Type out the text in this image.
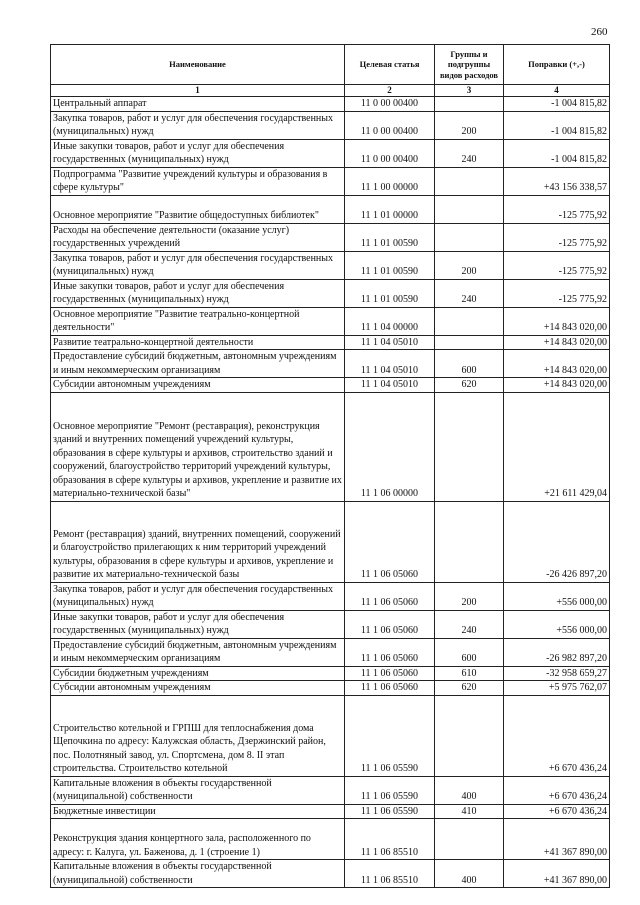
260
Наименование	Целевая статья	Группы и подгруппы видов расходов	Поправки (+,-)
1	2	3	4
Центральный аппарат	11 0 00 00400		-1 004 815,82
Закупка товаров, работ и услуг для обеспечения государственных (муниципальных) нужд	11 0 00 00400	200	-1 004 815,82
Иные закупки товаров, работ и услуг для обеспечения государственных (муниципальных) нужд	11 0 00 00400	240	-1 004 815,82
Подпрограмма "Развитие учреждений культуры и образования в сфере культуры"	11 1 00 00000		+43 156 338,57
Основное мероприятие "Развитие общедоступных библиотек"	11 1 01 00000		-125 775,92
Расходы на обеспечение деятельности (оказание услуг) государственных учреждений	11 1 01 00590		-125 775,92
Закупка товаров, работ и услуг для обеспечения государственных (муниципальных) нужд	11 1 01 00590	200	-125 775,92
Иные закупки товаров, работ и услуг для обеспечения государственных (муниципальных) нужд	11 1 01 00590	240	-125 775,92
Основное мероприятие "Развитие театрально-концертной деятельности"	11 1 04 00000		+14 843 020,00
Развитие театрально-концертной деятельности	11 1 04 05010		+14 843 020,00
Предоставление субсидий бюджетным, автономным учреждениям и иным некоммерческим организациям	11 1 04 05010	600	+14 843 020,00
Субсидии автономным учреждениям	11 1 04 05010	620	+14 843 020,00
Основное мероприятие "Ремонт (реставрация), реконструкция зданий и внутренних помещений учреждений культуры, образования в сфере культуры и архивов, строительство зданий и сооружений, благоустройство территорий учреждений культуры, образования в сфере культуры и архивов, укрепление и развитие их материально-технической базы"	11 1 06 00000		+21 611 429,04
Ремонт (реставрация) зданий, внутренних помещений, сооружений и благоустройство прилегающих к ним территорий учреждений культуры, образования в сфере культуры и архивов, укрепление и развитие их материально-технической базы	11 1 06 05060		-26 426 897,20
Закупка товаров, работ и услуг для обеспечения государственных (муниципальных) нужд	11 1 06 05060	200	+556 000,00
Иные закупки товаров, работ и услуг для обеспечения государственных (муниципальных) нужд	11 1 06 05060	240	+556 000,00
Предоставление субсидий бюджетным, автономным учреждениям и иным некоммерческим организациям	11 1 06 05060	600	-26 982 897,20
Субсидии бюджетным учреждениям	11 1 06 05060	610	-32 958 659,27
Субсидии автономным учреждениям	11 1 06 05060	620	+5 975 762,07
Строительство котельной и ГРПШ для теплоснабжения дома Щепочкина по адресу: Калужская область, Дзержинский район, пос. Полотняный завод, ул. Спортсмена, дом 8. II этап строительства. Строительство котельной	11 1 06 05590		+6 670 436,24
Капитальные вложения в объекты государственной (муниципальной) собственности	11 1 06 05590	400	+6 670 436,24
Бюджетные инвестиции	11 1 06 05590	410	+6 670 436,24
Реконструкция здания концертного зала, расположенного по адресу: г. Калуга, ул. Баженова, д. 1 (строение 1)	11 1 06 85510		+41 367 890,00
Капитальные вложения в объекты государственной (муниципальной) собственности	11 1 06 85510	400	+41 367 890,00
